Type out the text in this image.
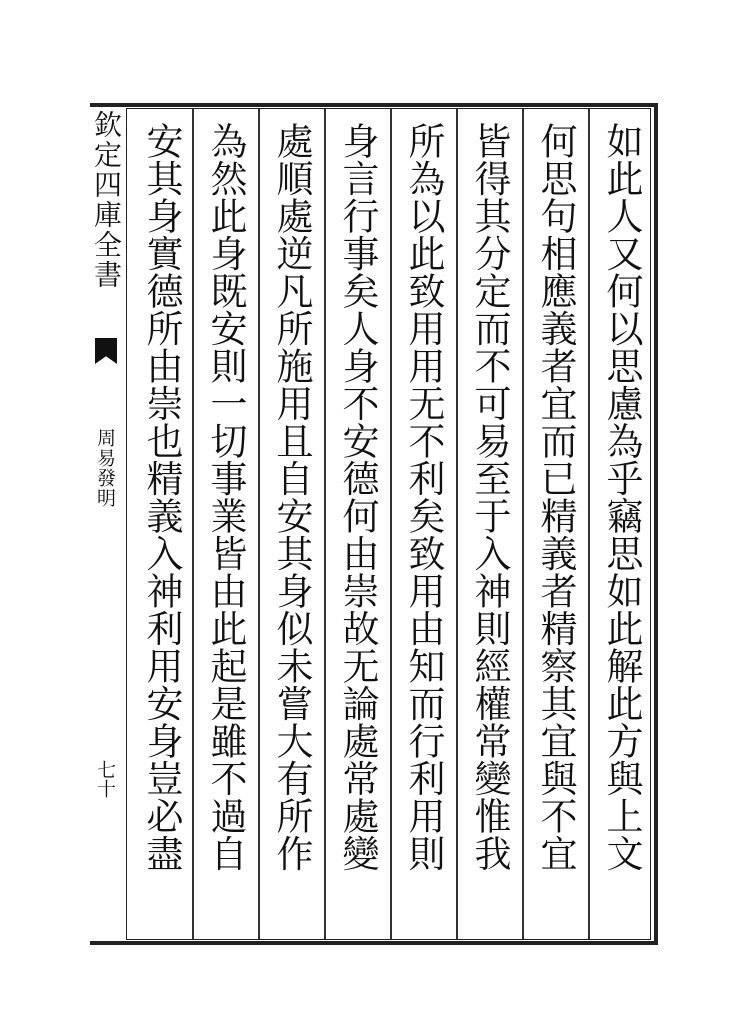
欽定四庫全書
周易發明
七十	如此人又何以思慮為乎竊思如此解此方與上文
何思句相應義者宜而已精義者精察其宜與不宜
皆得其分定而不可易至于入神則經權常變惟我
所為以此致用用无不利矣致用由知而行利用則
身言行事矣人身不安德何由崇故无論處常處變
處順處逆凡所施用且自安其身似未嘗大有所作
為然此身既安則一切事業皆由此起是雖不過自
安其身實德所由崇也精義入神利用安身豈必盡
